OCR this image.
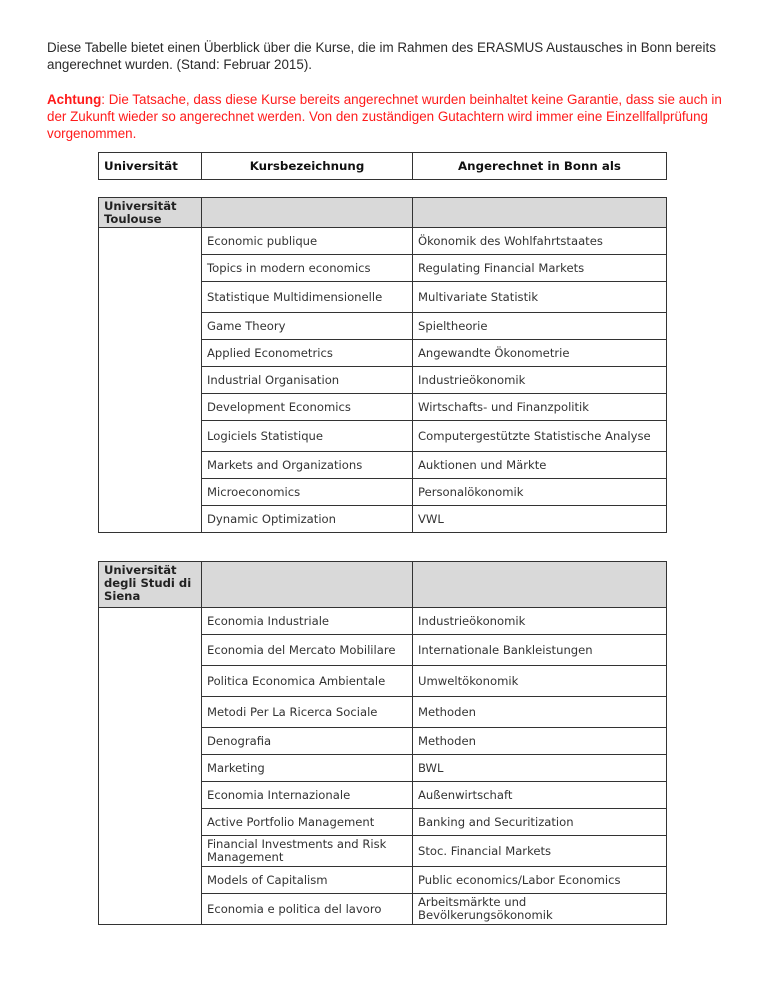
Diese Tabelle bietet einen Überblick über die Kurse, die im Rahmen des ERASMUS Austausches in Bonn bereits angerechnet wurden. (Stand: Februar 2015).

Achtung: Die Tatsache, dass diese Kurse bereits angerechnet wurden beinhaltet keine Garantie, dass sie auch in der Zukunft wieder so angerechnet werden. Von den zuständigen Gutachtern wird immer eine Einzellfallprüfung vorgenommen.

Universität	Kursbezeichnung	Angerechnet in Bonn als
Universität Toulouse		
	Economic publique	Ökonomik des Wohlfahrtstaates
	Topics in modern economics	Regulating Financial Markets
	Statistique Multidimensionelle	Multivariate Statistik
	Game Theory	Spieltheorie
	Applied Econometrics	Angewandte Ökonometrie
	Industrial Organisation	Industrieökonomik
	Development Economics	Wirtschafts- und Finanzpolitik
	Logiciels Statistique	Computergestützte Statistische Analyse
	Markets and Organizations	Auktionen und Märkte
	Microeconomics	Personalökonomik
	Dynamic Optimization	VWL
Universität degli Studi di Siena		
	Economia Industriale	Industrieökonomik
	Economia del Mercato Mobililare	Internationale Bankleistungen
	Politica Economica Ambientale	Umweltökonomik
	Metodi Per La Ricerca Sociale	Methoden
	Denografia	Methoden
	Marketing	BWL
	Economia Internazionale	Außenwirtschaft
	Active Portfolio Management	Banking and Securitization
	Financial Investments and Risk Management	Stoc. Financial Markets
	Models of Capitalism	Public economics/Labor Economics
	Economia e politica del lavoro	Arbeitsmärkte und Bevölkerungsökonomik
